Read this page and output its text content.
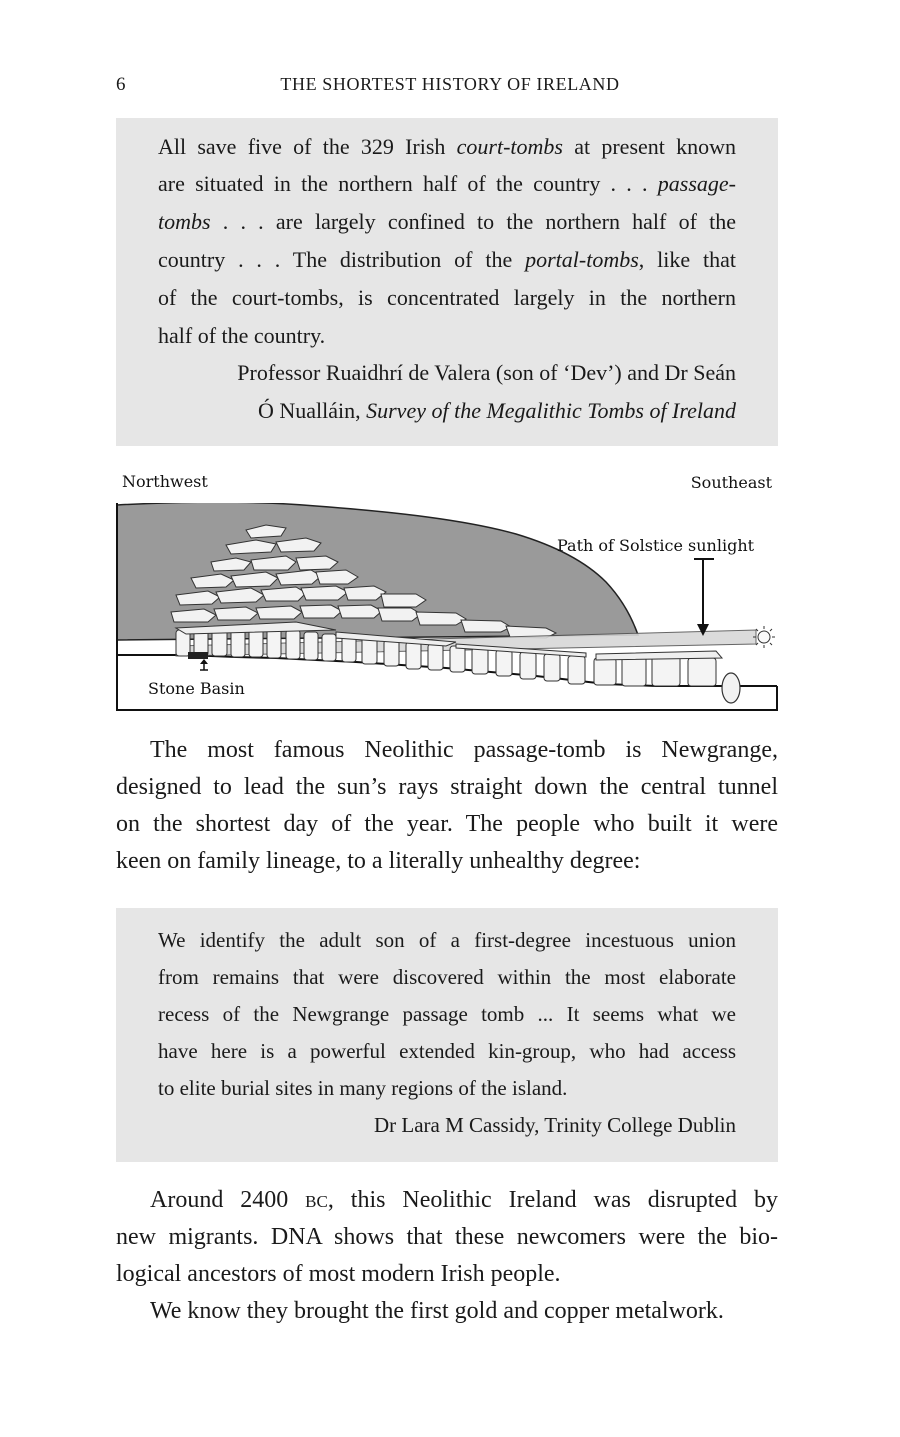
6	THE SHORTEST HISTORY OF IRELAND
All save five of the 329 Irish court-tombs at present known
are situated in the northern half of the country . . . passage-
tombs . . . are largely confined to the northern half of the
country . . . The distribution of the portal-tombs, like that
of the court-tombs, is concentrated largely in the northern
half of the country.
Professor Ruaidhrí de Valera (son of ‘Dev’) and Dr Seán
Ó Nualláin, Survey of the Megalithic Tombs of Ireland
Northwest	Southeast
Path of Solstice sunlight
Stone Basin
The most famous Neolithic passage-tomb is Newgrange,
designed to lead the sun’s rays straight down the central tunnel
on the shortest day of the year. The people who built it were
keen on family lineage, to a literally unhealthy degree:
We identify the adult son of a first-degree incestuous union
from remains that were discovered within the most elaborate
recess of the Newgrange passage tomb ... It seems what we
have here is a powerful extended kin-group, who had access
to elite burial sites in many regions of the island.
Dr Lara M Cassidy, Trinity College Dublin
Around 2400 bc, this Neolithic Ireland was disrupted by
new migrants. DNA shows that these newcomers were the bio-
logical ancestors of most modern Irish people.
We know they brought the first gold and copper metalwork.
